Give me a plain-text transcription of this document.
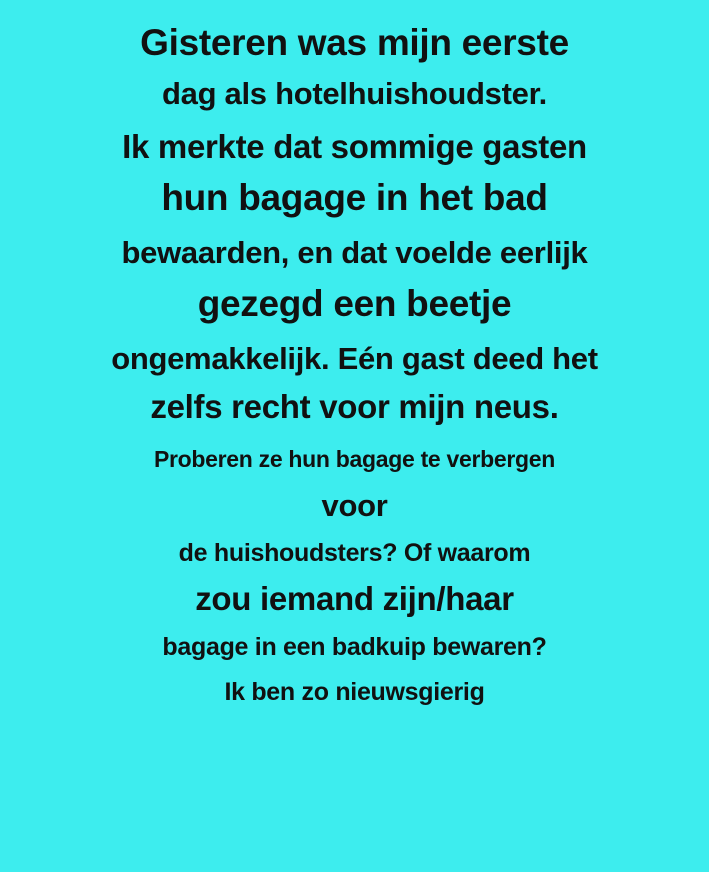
Gisteren was mijn eerste
dag als hotelhuishoudster.
Ik merkte dat sommige gasten
hun bagage in het bad
bewaarden, en dat voelde eerlijk
gezegd een beetje
ongemakkelijk. Eén gast deed het
zelfs recht voor mijn neus.
Proberen ze hun bagage te verbergen
voor
de huishoudsters? Of waarom
zou iemand zijn/haar
bagage in een badkuip bewaren?
Ik ben zo nieuwsgierig
